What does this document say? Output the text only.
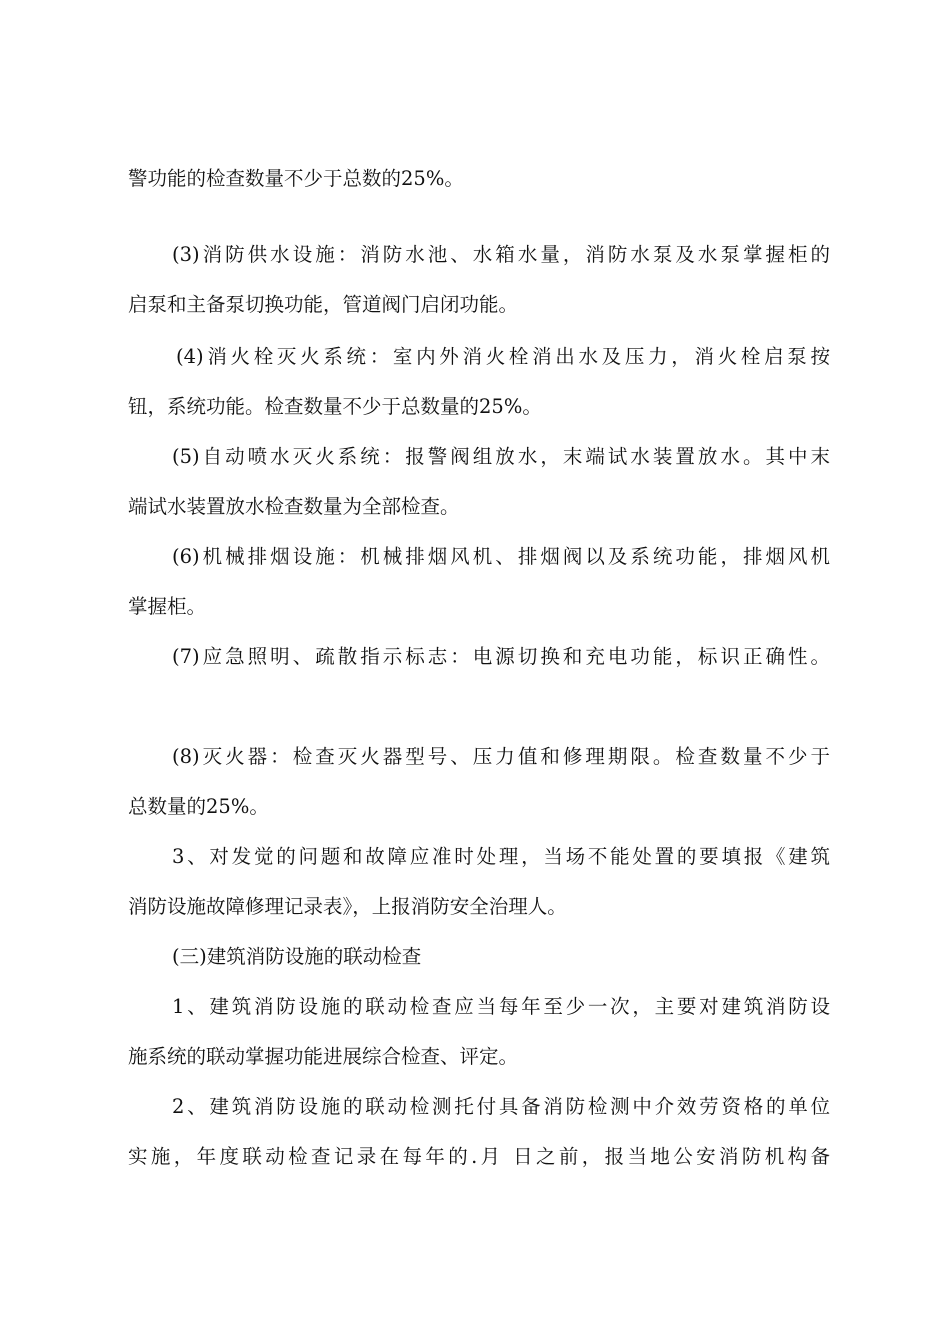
警功能的检查数量不少于总数的25%。
(3)消防供水设施：消防水池、水箱水量，消防水泵及水泵掌握柜的
启泵和主备泵切换功能，管道阀门启闭功能。
(4)消火栓灭火系统：室内外消火栓消出水及压力，消火栓启泵按
钮，系统功能。检查数量不少于总数量的25%。
(5)自动喷水灭火系统：报警阀组放水，末端试水装置放水。其中末
端试水装置放水检查数量为全部检查。
(6)机械排烟设施：机械排烟风机、排烟阀以及系统功能，排烟风机
掌握柜。
(7)应急照明、疏散指示标志：电源切换和充电功能，标识正确性。
(8)灭火器：检查灭火器型号、压力值和修理期限。检查数量不少于
总数量的25%。
3、对发觉的问题和故障应准时处理，当场不能处置的要填报《建筑
消防设施故障修理记录表》，上报消防安全治理人。
(三)建筑消防设施的联动检查
1、建筑消防设施的联动检查应当每年至少一次，主要对建筑消防设
施系统的联动掌握功能进展综合检查、评定。
2、建筑消防设施的联动检测托付具备消防检测中介效劳资格的单位
实施，年度联动检查记录在每年的.月 日之前，报当地公安消防机构备
